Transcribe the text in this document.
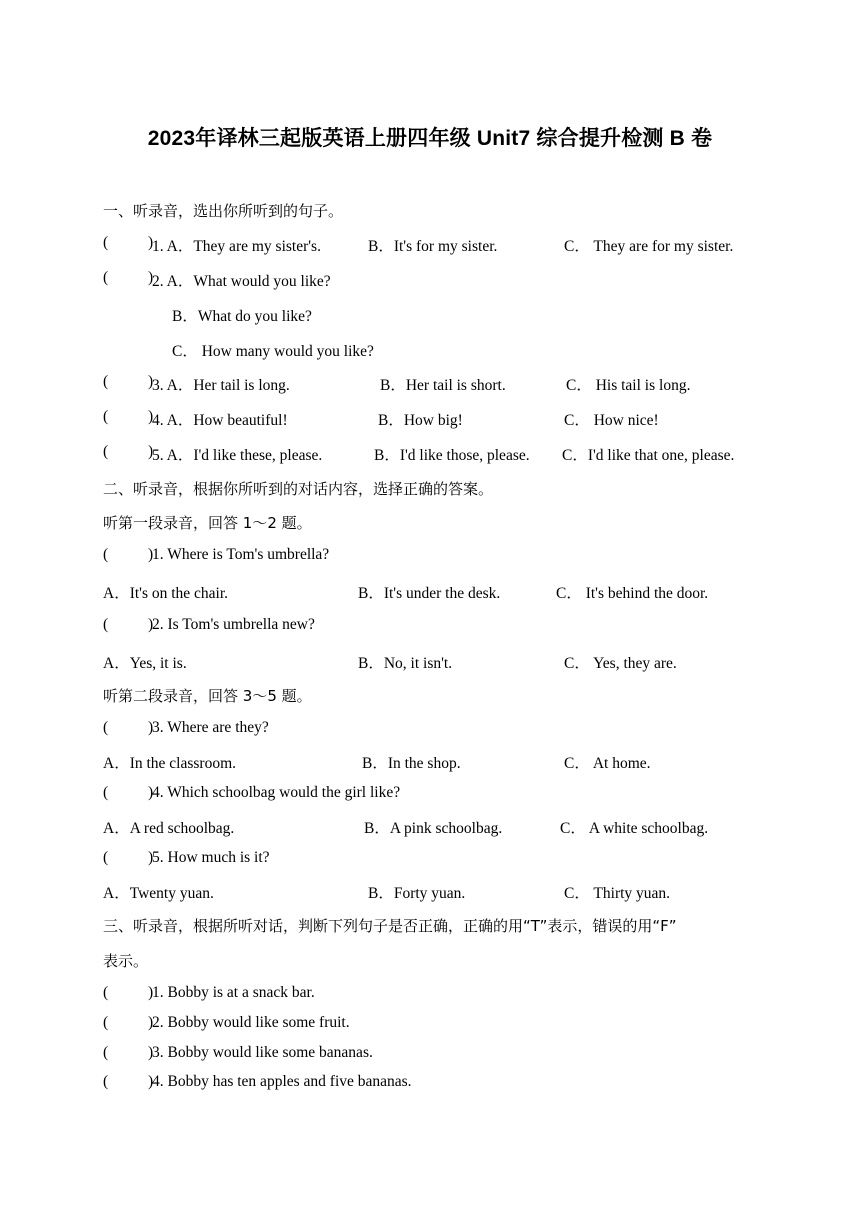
2023年译林三起版英语上册四年级 Unit7 综合提升检测 B 卷
一、听录音，选出你所听到的句子。
(	1. A．They are my sister's.	B．It's for my sister.	C． They are for my sister.
)
(	2. A．What would you like?
B．What do you like?
C． How many would you like?
)
(	3. A．Her tail is long.	B．Her tail is short.	C． His tail is long.
)
(	4. A．How beautiful!	B．How big!	C． How nice!
)
(	5. A．I'd like these, please.	B．I'd like those, please. C．I'd like that one, please.
)
二、听录音，根据你所听到的对话内容，选择正确的答案。
听第一段录音，回答 1～2 题。
(	1. Where is Tom's umbrella?
A．It's on the chair.	B．It's under the desk.	C． It's behind the door.
)
(	2. Is Tom's umbrella new?
A．Yes, it is.	B．No, it isn't.	C． Yes, they are.
)
听第二段录音，回答 3～5 题。
(	3. Where are they?
A．In the classroom.	B．In the shop.	C． At home.
)
(	4. Which schoolbag would the girl like?
A．A red schoolbag.	B．A pink schoolbag.	C． A white schoolbag.
)
(	5. How much is it?
A．Twenty yuan.	B．Forty yuan.	C． Thirty yuan.
)
三、听录音，根据所听对话，判断下列句子是否正确，正确的用“T”表示，错误的用“F”
表示。
(	1. Bobby is at a snack bar.
)
(	2. Bobby would like some fruit.
)
(	3. Bobby would like some bananas.
)
(	4. Bobby has ten apples and five bananas.
)
